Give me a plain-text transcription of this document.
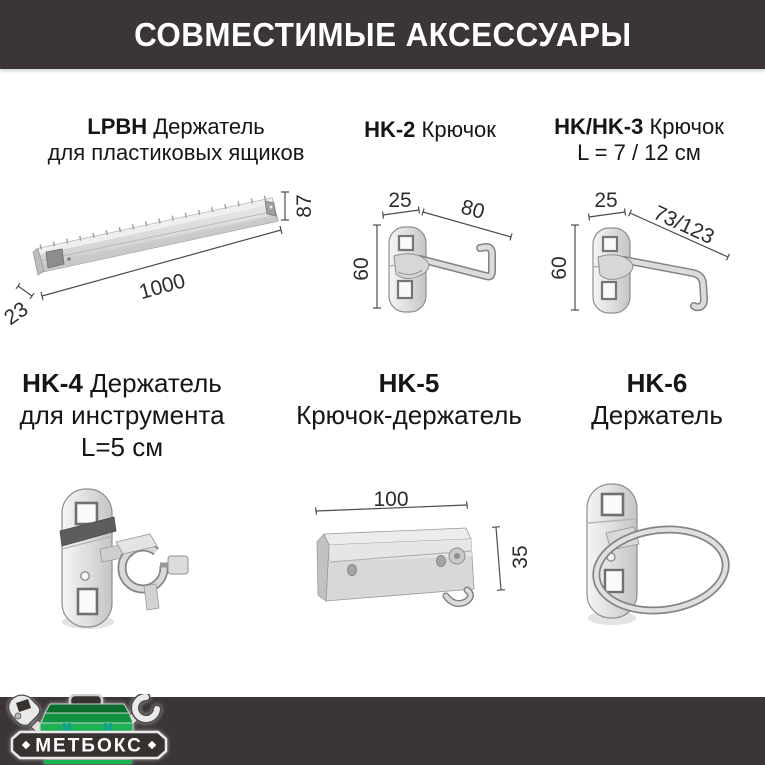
СОВМЕСТИМЫЕ АКСЕССУАРЫ
LPBH Держатель
для пластиковых ящиков
HK-2 Крючок	HK/HK-3 Крючок
L = 7 / 12 см
HK-4 Держатель
для инструмента
L=5 см
HK-5
Крючок-держатель
HK-6
Держатель
87
1000
23
25 80
60
25
73/123
60
100
35
МЕТБОКС
